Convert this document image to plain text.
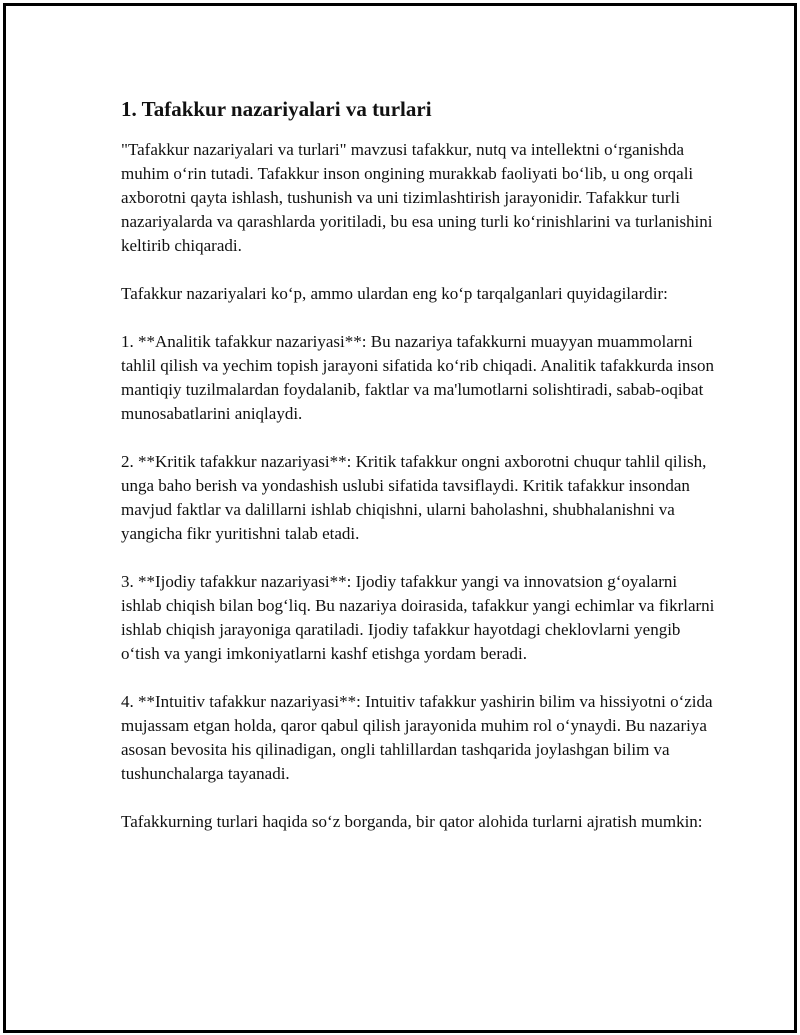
1. Tafakkur nazariyalari va turlari

"Tafakkur nazariyalari va turlari" mavzusi tafakkur, nutq va intellektni o‘rganishda muhim o‘rin tutadi. Tafakkur inson ongining murakkab faoliyati bo‘lib, u ong orqali axborotni qayta ishlash, tushunish va uni tizimlashtirish jarayonidir. Tafakkur turli nazariyalarda va qarashlarda yoritiladi, bu esa uning turli ko‘rinishlarini va turlanishini keltirib chiqaradi.

Tafakkur nazariyalari ko‘p, ammo ulardan eng ko‘p tarqalganlari quyidagilardir:

1. **Analitik tafakkur nazariyasi**: Bu nazariya tafakkurni muayyan muammolarni tahlil qilish va yechim topish jarayoni sifatida ko‘rib chiqadi. Analitik tafakkurda inson mantiqiy tuzilmalardan foydalanib, faktlar va ma'lumotlarni solishtiradi, sabab-oqibat munosabatlarini aniqlaydi.

2. **Kritik tafakkur nazariyasi**: Kritik tafakkur ongni axborotni chuqur tahlil qilish, unga baho berish va yondashish uslubi sifatida tavsiflaydi. Kritik tafakkur insondan mavjud faktlar va dalillarni ishlab chiqishni, ularni baholashni, shubhalanishni va yangicha fikr yuritishni talab etadi.

3. **Ijodiy tafakkur nazariyasi**: Ijodiy tafakkur yangi va innovatsion g‘oyalarni ishlab chiqish bilan bog‘liq. Bu nazariya doirasida, tafakkur yangi echimlar va fikrlarni ishlab chiqish jarayoniga qaratiladi. Ijodiy tafakkur hayotdagi cheklovlarni yengib o‘tish va yangi imkoniyatlarni kashf etishga yordam beradi.

4. **Intuitiv tafakkur nazariyasi**: Intuitiv tafakkur yashirin bilim va hissiyotni o‘zida mujassam etgan holda, qaror qabul qilish jarayonida muhim rol o‘ynaydi. Bu nazariya asosan bevosita his qilinadigan, ongli tahlillardan tashqarida joylashgan bilim va tushunchalarga tayanadi.

Tafakkurning turlari haqida so‘z borganda, bir qator alohida turlarni ajratish mumkin:
